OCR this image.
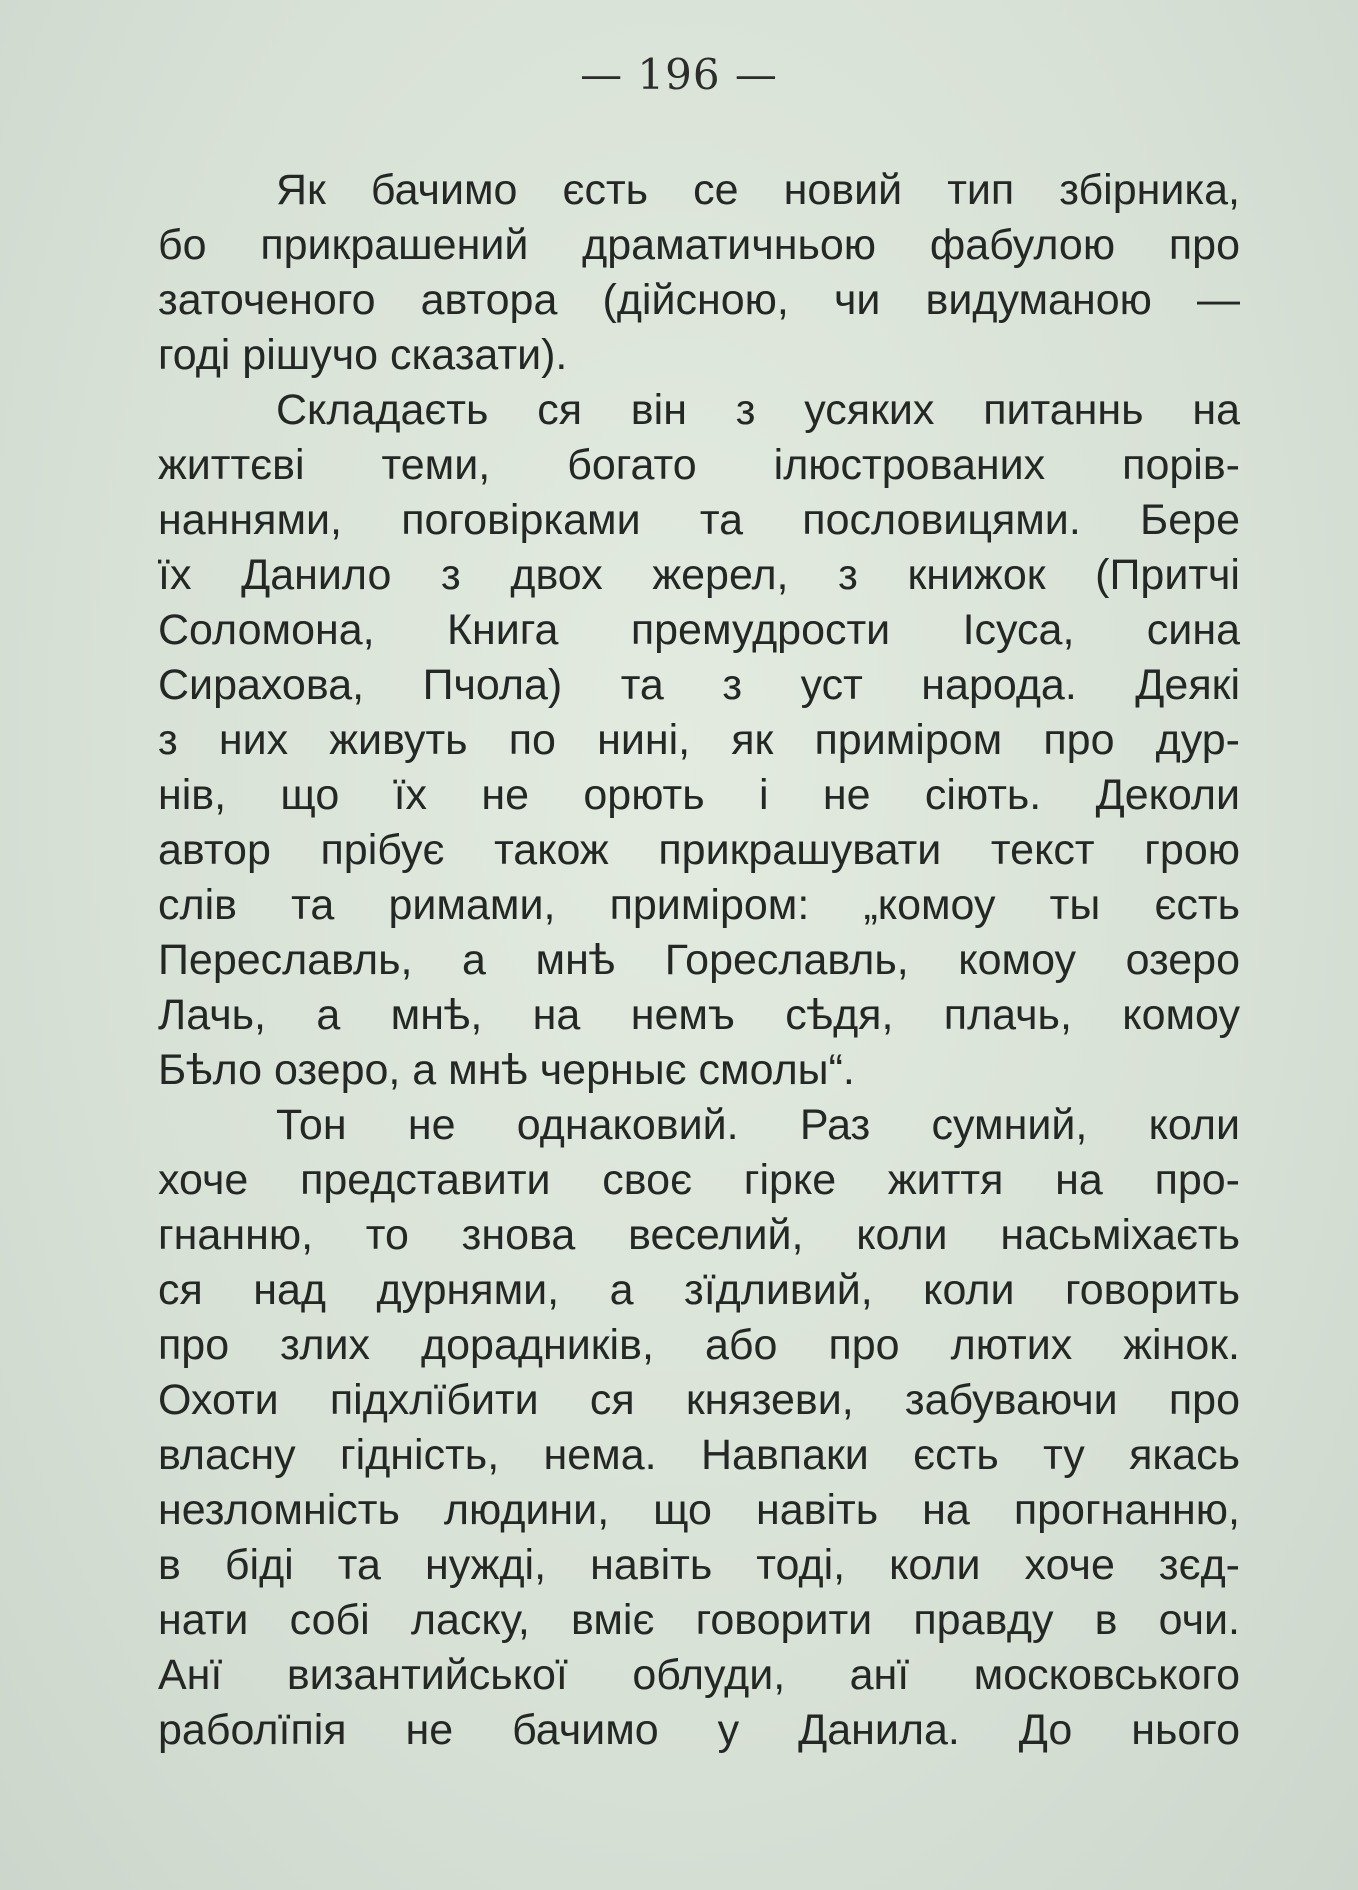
— 196 —
Як бачимо єсть се новий тип збірника,
бо прикрашений драматичньою фабулою про
заточеного автора (дійсною, чи видуманою —
годі рішучо сказати).
Складаєть ся він з усяких питаннь на
життєві теми, богато ілюстрованих порів-
наннями, поговірками та пословицями. Бере
їх Данило з двох жерел, з книжок (Притчі
Соломона, Книга премудрости Ісуса, сина
Сирахова, Пчола) та з уст народа. Деякі
з них живуть по нині, як приміром про дур-
нів, що їх не орють і не сіють. Деколи
автор прібує також прикрашувати текст грою
слів та римами, приміром: „комоу ты єсть
Переславль, а мнѣ Гореславль, комоу озеро
Лачь, а мнѣ, на немъ сѣдя, плачь, комоу
Бѣло озеро, а мнѣ черныє смолы“.
Тон не однаковий. Раз сумний, коли
хоче представити своє гірке життя на про-
гнанню, то знова веселий, коли насьміхаєть
ся над дурнями, а зїдливий, коли говорить
про злих дорадників, або про лютих жінок.
Охоти підхлїбити ся князеви, забуваючи про
власну гідність, нема. Навпаки єсть ту якась
незломність людини, що навіть на прогнанню,
в біді та нужді, навіть тоді, коли хоче зєд-
нати собі ласку, вміє говорити правду в очи.
Анї византийської облуди, анї московського
раболїпія не бачимо у Данила. До нього
